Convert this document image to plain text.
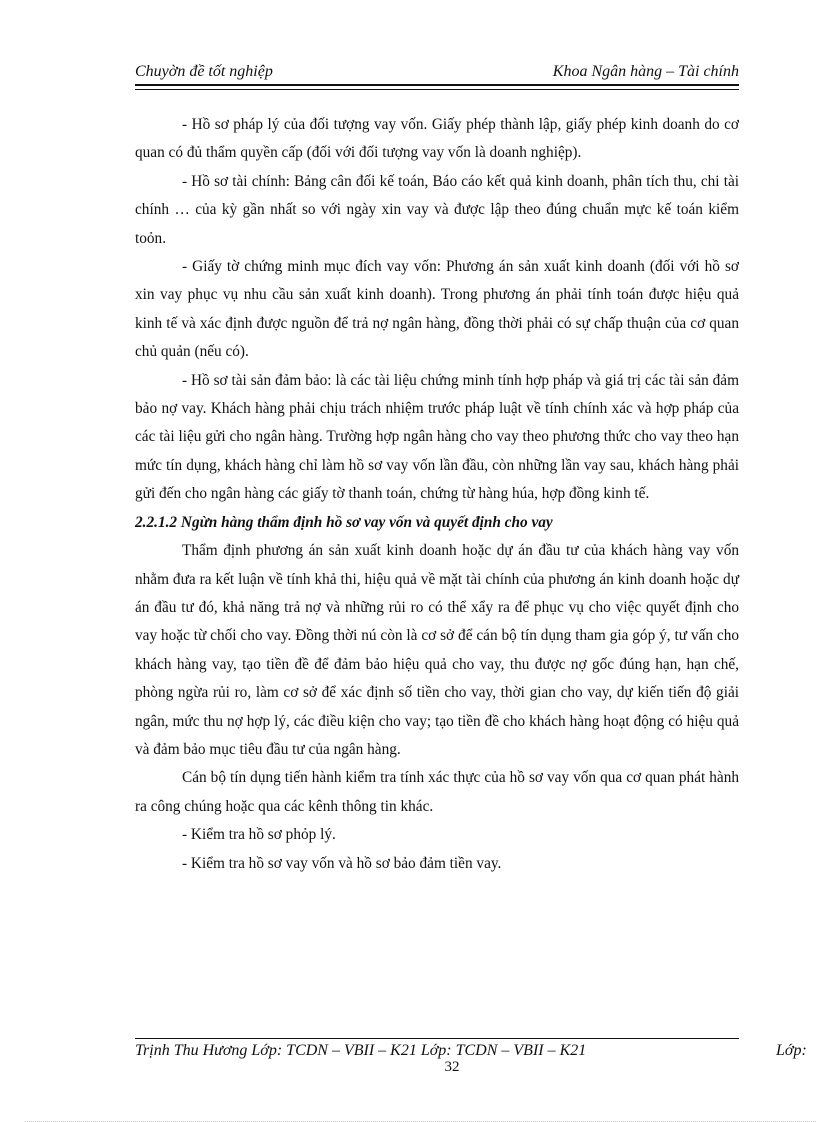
Chuyờn đề tốt nghiệp	Khoa Ngân hàng – Tài chính

- Hồ sơ pháp lý của đối tượng vay vốn. Giấy phép thành lập, giấy phép kinh doanh do cơ quan có đủ thẩm quyền cấp (đối với đối tượng vay vốn là doanh nghiệp).

- Hồ sơ tài chính: Bảng cân đối kế toán, Báo cáo kết quả kinh doanh, phân tích thu, chi tài chính … của kỳ gần nhất so với ngày xin vay và được lập theo đúng chuẩn mực kế toán kiểm toỏn.

- Giấy tờ chứng minh mục đích vay vốn: Phương án sản xuất kinh doanh (đối với hồ sơ xin vay phục vụ nhu cầu sản xuất kinh doanh). Trong phương án phải tính toán được hiệu quả kinh tế và xác định được nguồn để trả nợ ngân hàng, đồng thời phải có sự chấp thuận của cơ quan chủ quản (nếu có).

- Hồ sơ tài sản đảm bảo: là các tài liệu chứng minh tính hợp pháp và giá trị các tài sản đảm bảo nợ vay. Khách hàng phải chịu trách nhiệm trước pháp luật về tính chính xác và hợp pháp của các tài liệu gửi cho ngân hàng. Trường hợp ngân hàng cho vay theo phương thức cho vay theo hạn mức tín dụng, khách hàng chỉ làm hồ sơ vay vốn lần đầu, còn những lần vay sau, khách hàng phải gửi đến cho ngân hàng các giấy tờ thanh toán, chứng từ hàng húa, hợp đồng kinh tế.

2.2.1.2 Ngừn hàng thẩm định hồ sơ vay vốn và quyết định cho vay

Thẩm định phương án sản xuất kinh doanh hoặc dự án đầu tư của khách hàng vay vốn nhằm đưa ra kết luận về tính khả thi, hiệu quả về mặt tài chính của phương án kinh doanh hoặc dự án đầu tư đó, khả năng trả nợ và những rủi ro có thể xẩy ra để phục vụ cho việc quyết định cho vay hoặc từ chối cho vay. Đồng thời nú còn là cơ sở để cán bộ tín dụng tham gia góp ý, tư vấn cho khách hàng vay, tạo tiền đề để đảm bảo hiệu quả cho vay, thu được nợ gốc đúng hạn, hạn chế, phòng ngừa rủi ro, làm cơ sở để xác định số tiền cho vay, thời gian cho vay, dự kiến tiến độ giải ngân, mức thu nợ hợp lý, các điều kiện cho vay; tạo tiền đề cho khách hàng hoạt động có hiệu quả và đảm bảo mục tiêu đầu tư của ngân hàng.

Cán bộ tín dụng tiến hành kiểm tra tính xác thực của hồ sơ vay vốn qua cơ quan phát hành ra công chúng hoặc qua các kênh thông tin khác.

- Kiểm tra hồ sơ phỏp lý.

- Kiểm tra hồ sơ vay vốn và hồ sơ bảo đảm tiền vay.

Trịnh Thu Hương Lớp: TCDN – VBII – K21 Lớp: TCDN – VBII – K21	Lớp:
32
